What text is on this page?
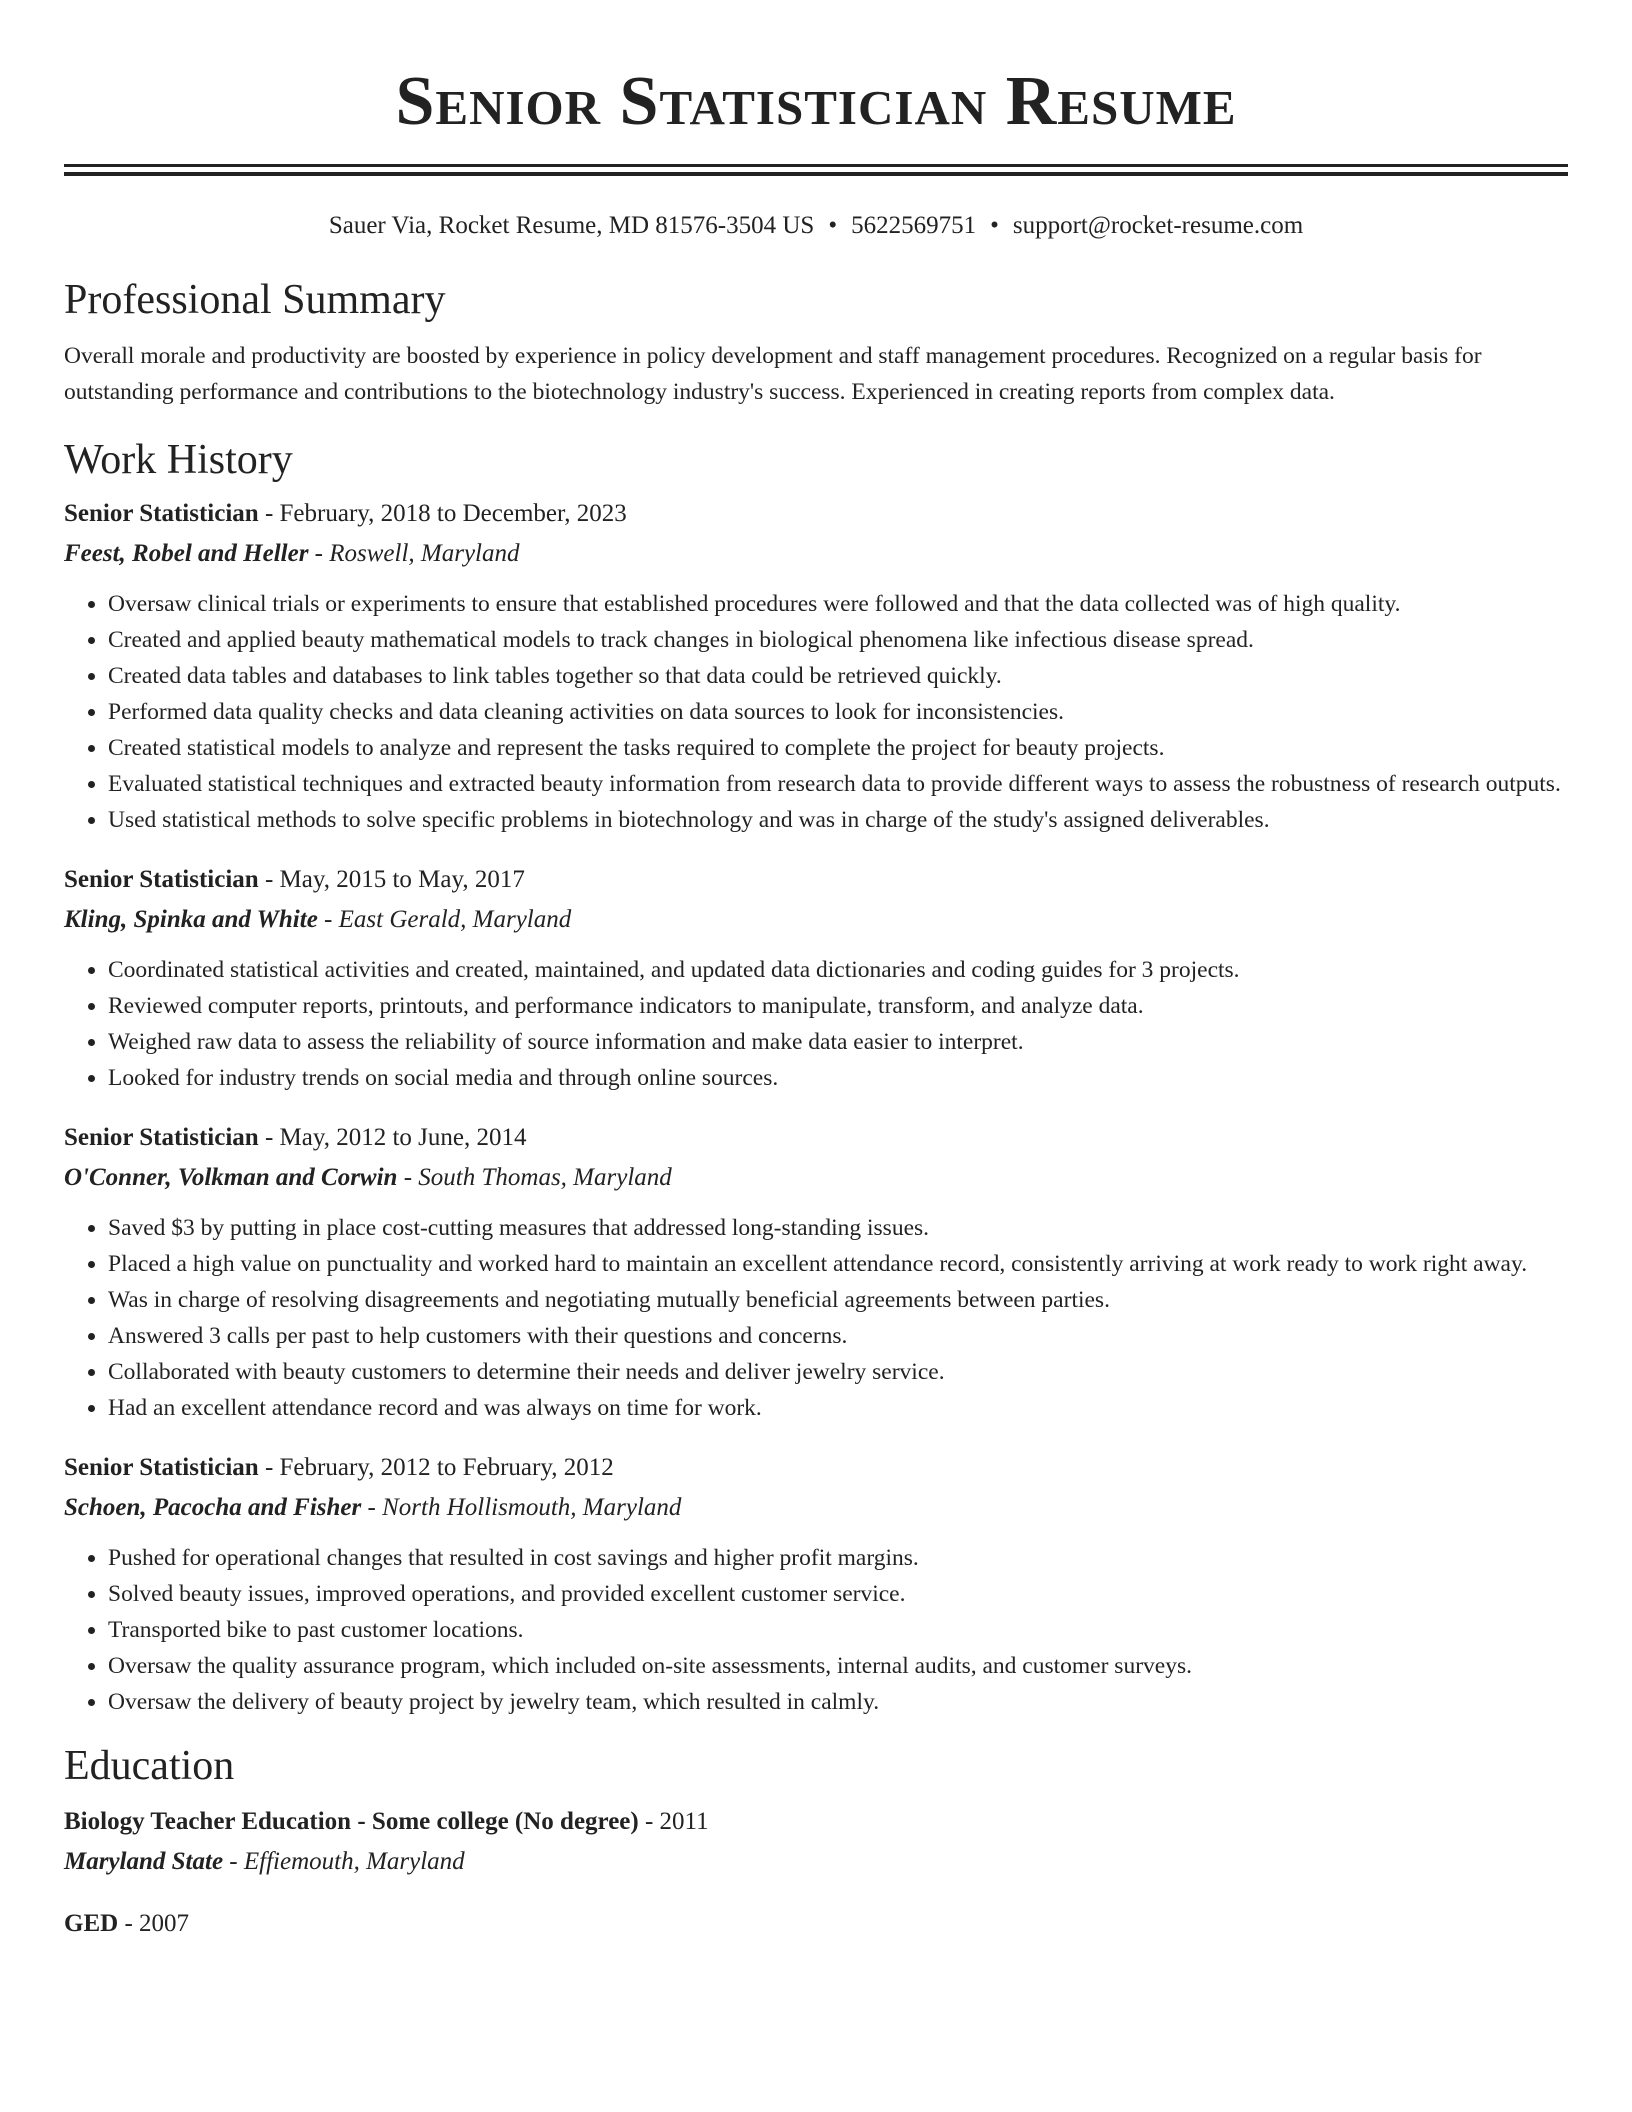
Senior Statistician Resume
Sauer Via, Rocket Resume, MD 81576-3504 US • 5622569751 • support@rocket-resume.com
Professional Summary

Overall morale and productivity are boosted by experience in policy development and staff management procedures. Recognized on a regular basis for outstanding performance and contributions to the biotechnology industry's success. Experienced in creating reports from complex data.

Work History
Senior Statistician - February, 2018 to December, 2023
Feest, Robel and Heller - Roswell, Maryland
• Oversaw clinical trials or experiments to ensure that established procedures were followed and that the data collected was of high quality.
• Created and applied beauty mathematical models to track changes in biological phenomena like infectious disease spread.
• Created data tables and databases to link tables together so that data could be retrieved quickly.
• Performed data quality checks and data cleaning activities on data sources to look for inconsistencies.
• Created statistical models to analyze and represent the tasks required to complete the project for beauty projects.
• Evaluated statistical techniques and extracted beauty information from research data to provide different ways to assess the robustness of research outputs.
• Used statistical methods to solve specific problems in biotechnology and was in charge of the study's assigned deliverables.
Senior Statistician - May, 2015 to May, 2017
Kling, Spinka and White - East Gerald, Maryland
• Coordinated statistical activities and created, maintained, and updated data dictionaries and coding guides for 3 projects.
• Reviewed computer reports, printouts, and performance indicators to manipulate, transform, and analyze data.
• Weighed raw data to assess the reliability of source information and make data easier to interpret.
• Looked for industry trends on social media and through online sources.
Senior Statistician - May, 2012 to June, 2014
O'Conner, Volkman and Corwin - South Thomas, Maryland
• Saved $3 by putting in place cost-cutting measures that addressed long-standing issues.
• Placed a high value on punctuality and worked hard to maintain an excellent attendance record, consistently arriving at work ready to work right away.
• Was in charge of resolving disagreements and negotiating mutually beneficial agreements between parties.
• Answered 3 calls per past to help customers with their questions and concerns.
• Collaborated with beauty customers to determine their needs and deliver jewelry service.
• Had an excellent attendance record and was always on time for work.
Senior Statistician - February, 2012 to February, 2012
Schoen, Pacocha and Fisher - North Hollismouth, Maryland
• Pushed for operational changes that resulted in cost savings and higher profit margins.
• Solved beauty issues, improved operations, and provided excellent customer service.
• Transported bike to past customer locations.
• Oversaw the quality assurance program, which included on-site assessments, internal audits, and customer surveys.
• Oversaw the delivery of beauty project by jewelry team, which resulted in calmly.
Education
Biology Teacher Education - Some college (No degree) - 2011
Maryland State - Effiemouth, Maryland
GED - 2007
